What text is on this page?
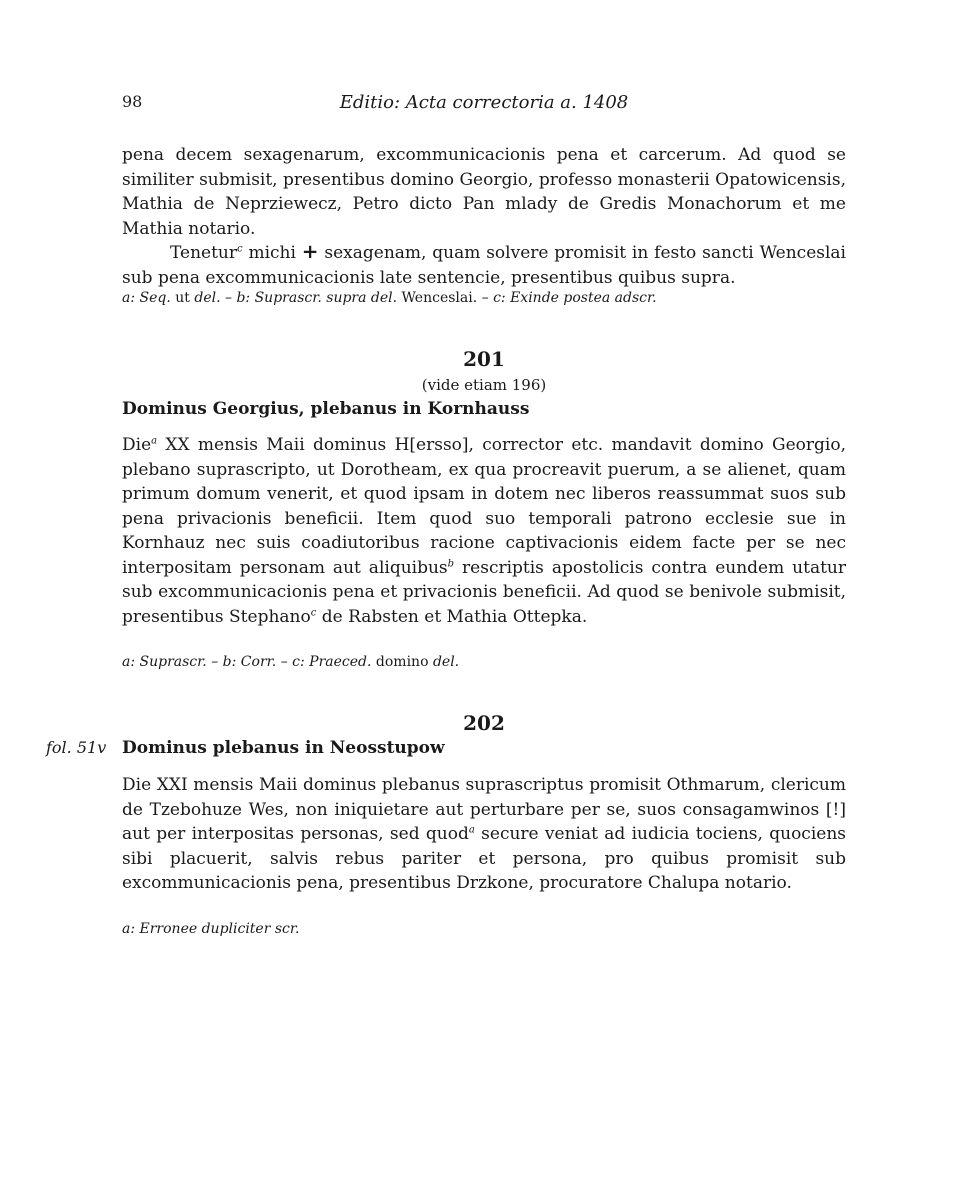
98	Editio: Acta correctoria a. 1408

pena decem sexagenarum, excommunicacionis pena et carcerum. Ad quod se similiter submisit, presentibus domino Georgio, professo monasterii Opatowicensis, Mathia de Neprziewecz, Petro dicto Pan mlady de Gredis Monachorum et me Mathia notario.

Tenetur$^c$ michi + sexagenam, quam solvere promisit in festo sancti Wenceslai sub pena excommunicacionis late sentencie, presentibus quibus supra.

a: Seq. ut del. – b: Suprascr. supra del. Wenceslai. – c: Exinde postea adscr.
201
(vide etiam 196)
Dominus Georgius, plebanus in Kornhauss

Die$^a$ XX mensis Maii dominus H[ersso], corrector etc. mandavit domino Georgio, plebano suprascripto, ut Dorotheam, ex qua procreavit puerum, a se alienet, quam primum domum venerit, et quod ipsam in dotem nec liberos reassummat suos sub pena privacionis beneficii. Item quod suo temporali patrono ecclesie sue in Kornhauz nec suis coadiutoribus racione captivacionis eidem facte per se nec interpositam personam aut aliquibus$^b$ rescriptis apostolicis contra eundem utatur sub excommunicacionis pena et privacionis beneficii. Ad quod se benivole submisit, presentibus Stephano$^c$ de Rabsten et Mathia Ottepka.

a: Suprascr. – b: Corr. – c: Praeced. domino del.
202
fol. 51v Dominus plebanus in Neosstupow

Die XXI mensis Maii dominus plebanus suprascriptus promisit Othmarum, clericum de Tzebohuze Wes, non iniquietare aut perturbare per se, suos consagamwinos [!] aut per interpositas personas, sed quod$^a$ secure veniat ad iudicia tociens, quociens sibi placuerit, salvis rebus pariter et persona, pro quibus promisit sub excommunicacionis pena, presentibus Drzkone, procuratore Chalupa notario.

a: Erronee dupliciter scr.
